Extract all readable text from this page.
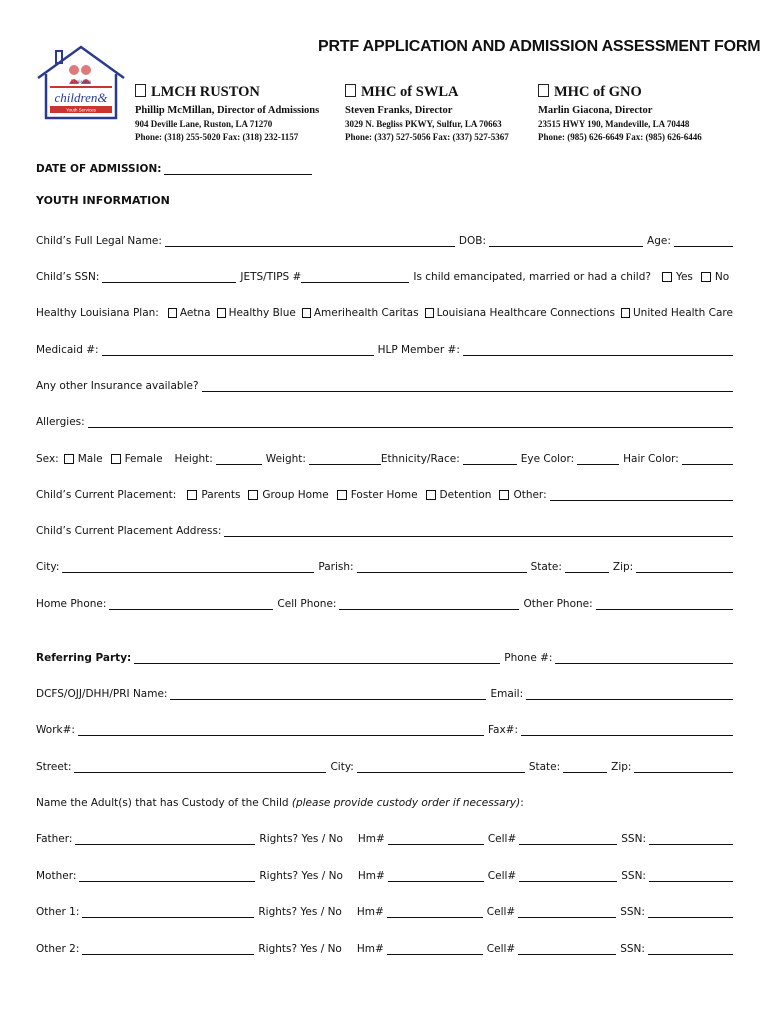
Louisiana
children&
Youth Services
PRTF APPLICATION AND ADMISSION ASSESSMENT FORM
LMCH RUSTON
Phillip McMillan, Director of Admissions
904 Deville Lane, Ruston, LA 71270
Phone: (318) 255-5020 Fax: (318) 232-1157
MHC of SWLA
Steven Franks, Director
3029 N. Begliss PKWY, Sulfur, LA 70663
Phone: (337) 527-5056 Fax: (337) 527-5367
MHC of GNO
Marlin Giacona, Director
23515 HWY 190, Mandeville, LA 70448
Phone: (985) 626-6649 Fax: (985) 626-6446
DATE OF ADMISSION:
YOUTH INFORMATION
Child’s Full Legal Name:	DOB:	Age:
Child’s SSN:	JETS/TIPS #	Is child emancipated, married or had a child? Yes No
Healthy Louisiana Plan: Aetna Healthy Blue Amerihealth Caritas Louisiana Healthcare Connections United Health Care
Medicaid #:	HLP Member #:
Any other Insurance available?
Allergies:
Sex: Male Female Height:	Weight:	Ethnicity/Race:	Eye Color:	Hair Color:
Child’s Current Placement: Parents Group Home Foster Home Detention Other:
Child’s Current Placement Address:
City:	Parish:	State:	Zip:
Home Phone:	Cell Phone:	Other Phone:
Referring Party:	Phone #:
DCFS/OJJ/DHH/PRI Name:	Email:
Work#:	Fax#:
Street:	City:	State:	Zip:
Name the Adult(s) that has Custody of the Child
(please provide custody order if necessary) :
Father:	Rights? Yes / No Hm#	Cell#	SSN:
Mother:	Rights? Yes / No Hm#	Cell#	SSN:
Other 1:	Rights? Yes / No Hm#	Cell#	SSN:
Other 2:	Rights? Yes / No Hm#	Cell#	SSN:
